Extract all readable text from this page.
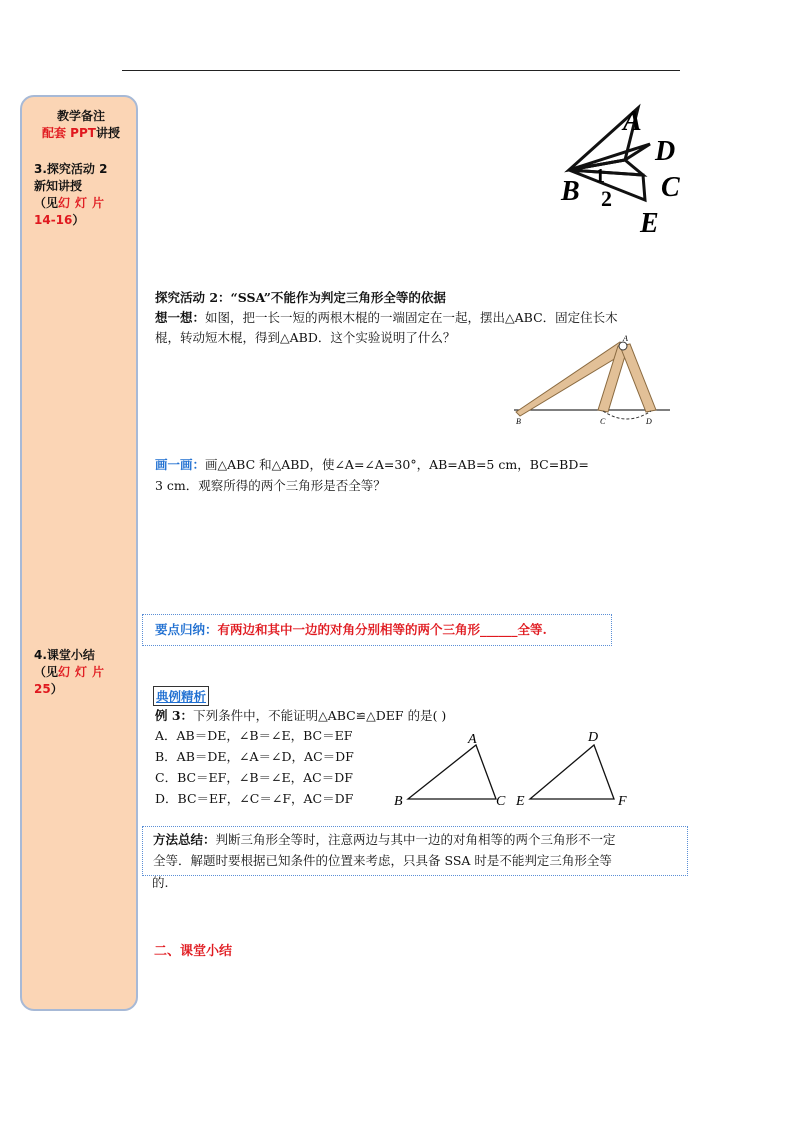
教学备注
配套 PPT讲授
3.探究活动 2
新知讲授
（见幻灯片
14-16）
4.课堂小结
（见幻灯片
25）
A
D
B 1
2 C
E
探究活动 2：“SSA”不能作为判定三角形全等的依据
想一想：如图，把一长一短的两根木棍的一端固定在一起，摆出△ABC．固定住长木
棍，转动短木棍，得到△ABD．这个实验说明了什么？	A
B	C	D
画一画：画△ABC 和△ABD，使∠A=∠A=30°，AB=AB=5 cm，BC=BD=
3 cm．观察所得的两个三角形是否全等？
要点归纳：有两边和其中一边的对角分别相等的两个三角形______全等.
典例精析
例 3：下列条件中，不能证明△ABC≌△DEF 的是( )
A．AB＝DE，∠B＝∠E，BC＝EF
B．AB＝DE，∠A＝∠D，AC＝DF
C．BC＝EF，∠B＝∠E，AC＝DF
D．BC＝EF，∠C＝∠F，AC＝DF
A
B	C
D
E	F
方法总结：判断三角形全等时，注意两边与其中一边的对角相等的两个三角形不一定
全等．解题时要根据已知条件的位置来考虑，只具备 SSA 时是不能判定三角形全等
的.
二、课堂小结
